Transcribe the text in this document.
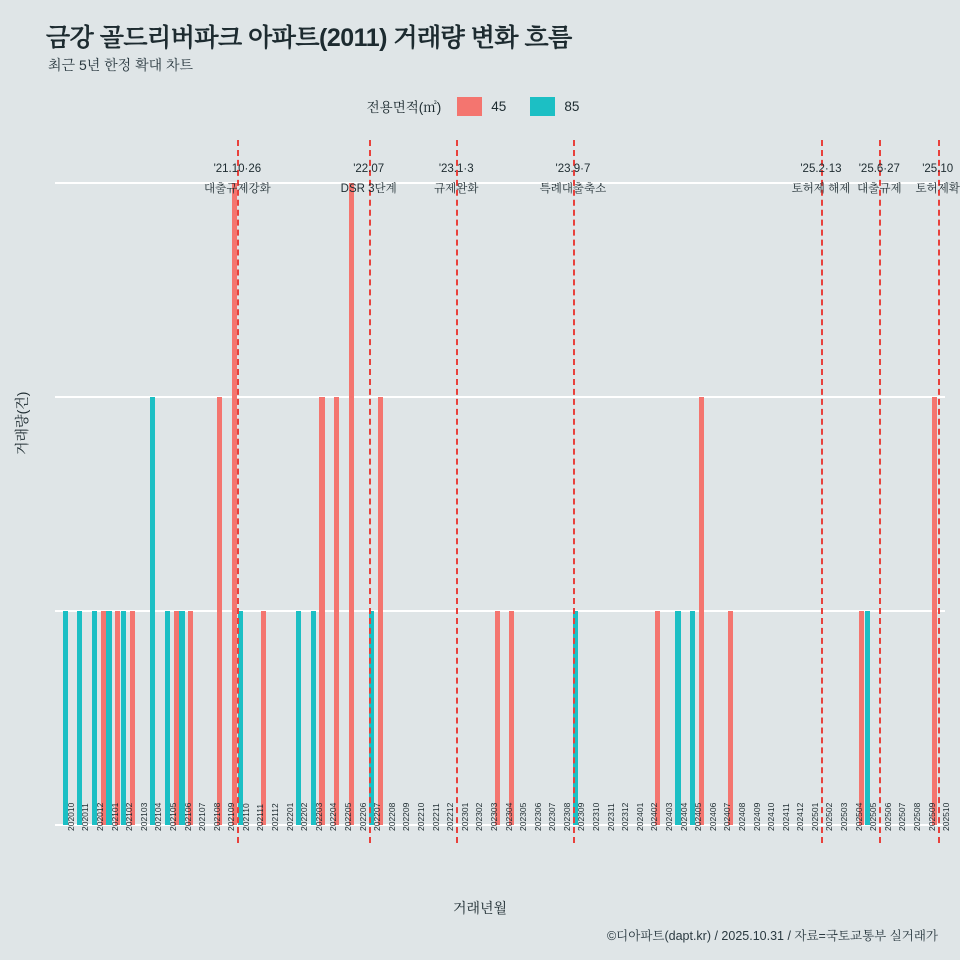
금강 골드리버파크 아파트(2011) 거래량 변화 흐름
최근 5년 한정 확대 차트
전용면적(㎡)	45	85
거래량(건)
거래년월
©디아파트(dapt.kr) / 2025.10.31 / 자료=국토교통부 실거래가
202010 202011 202012 202101 202102 202103 202104 202105 202106 202107 202108 202109 202110 202111 202112 202201 202202 202203 202204 202205 202206 202207 202208 202209 202210 202211 202212 202301 202302 202303 202304 202305 202306 202307 202308 202309 202310 202311 202312 202401 202402 202403 202404 202405 202406 202407 202408 202409 202410 202411 202412 202501 202502 202503 202504 202505 202506 202507 202508 202509 202510
'21.10·26
대출규제강화
'22.07
DSR 3단계
'23.1·3
규제완화
'23.9·7
특례대출축소
'25.2·13
토허제 해제
'25.6·27
대출규제
'25.10
토허제확
